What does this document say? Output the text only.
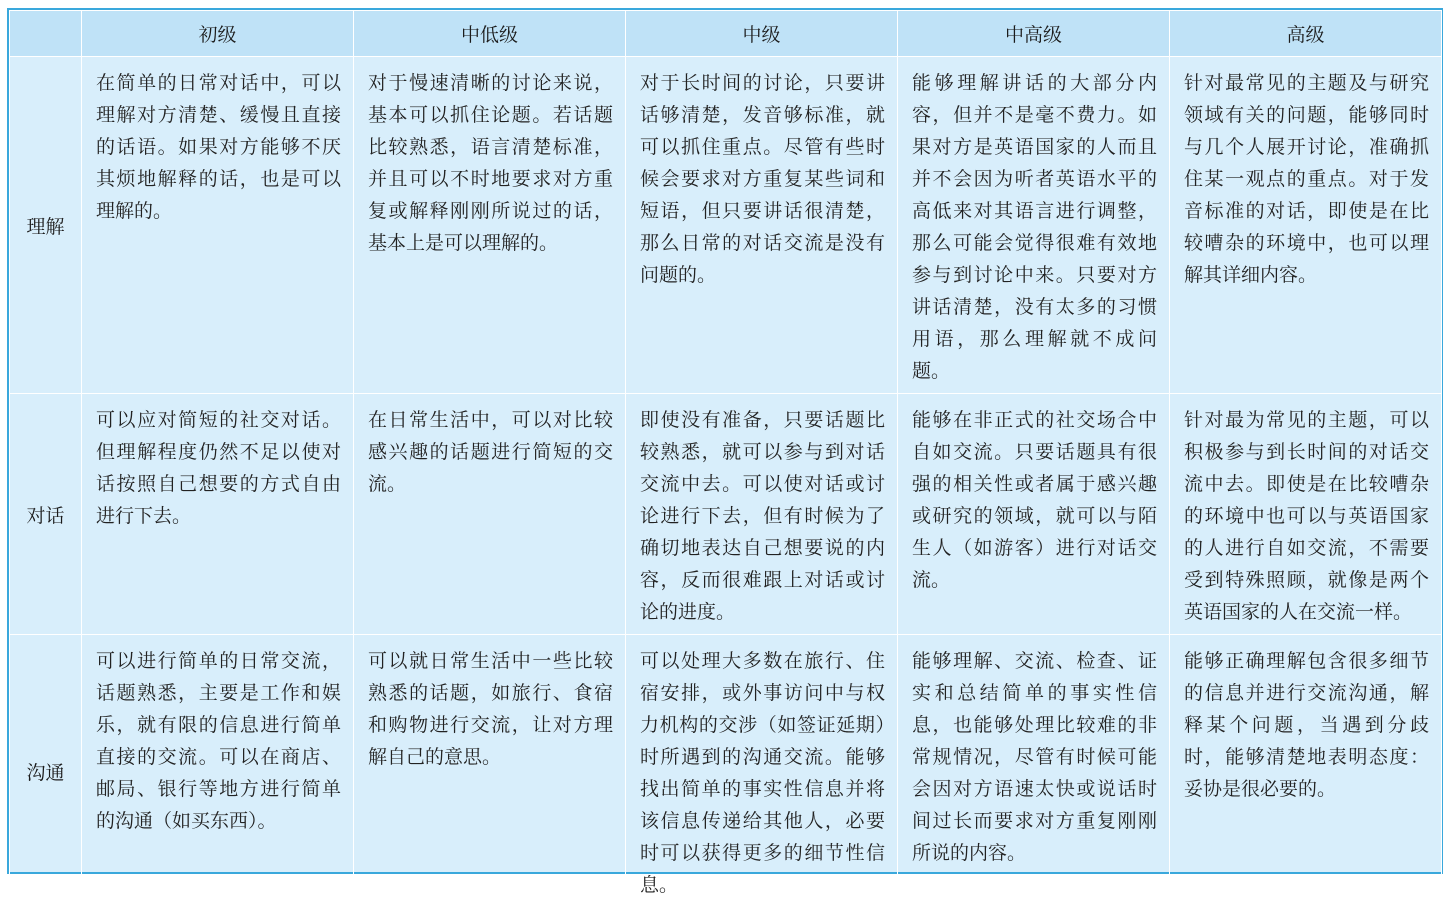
	初级	中低级	中级	中高级	高级
理解	在简单的日常对话中，可以理解对方清楚、缓慢且直接的话语。如果对方能够不厌其烦地解释的话，也是可以理解的。	对于慢速清晰的讨论来说，基本可以抓住论题。若话题比较熟悉，语言清楚标准，并且可以不时地要求对方重复或解释刚刚所说过的话，基本上是可以理解的。	对于长时间的讨论，只要讲话够清楚，发音够标准，就可以抓住重点。尽管有些时候会要求对方重复某些词和短语，但只要讲话很清楚，那么日常的对话交流是没有问题的。	能够理解讲话的大部分内容，但并不是毫不费力。如果对方是英语国家的人而且并不会因为听者英语水平的高低来对其语言进行调整，那么可能会觉得很难有效地参与到讨论中来。只要对方讲话清楚，没有太多的习惯用语，那么理解就不成问题。	针对最常见的主题及与研究领域有关的问题，能够同时与几个人展开讨论，准确抓住某一观点的重点。对于发音标准的对话，即使是在比较嘈杂的环境中，也可以理解其详细内容。
对话	可以应对简短的社交对话。但理解程度仍然不足以使对话按照自己想要的方式自由进行下去。	在日常生活中，可以对比较感兴趣的话题进行简短的交流。	即使没有准备，只要话题比较熟悉，就可以参与到对话交流中去。可以使对话或讨论进行下去，但有时候为了确切地表达自己想要说的内容，反而很难跟上对话或讨论的进度。	能够在非正式的社交场合中自如交流。只要话题具有很强的相关性或者属于感兴趣或研究的领域，就可以与陌生人（如游客）进行对话交流。	针对最为常见的主题，可以积极参与到长时间的对话交流中去。即使是在比较嘈杂的环境中也可以与英语国家的人进行自如交流，不需要受到特殊照顾，就像是两个英语国家的人在交流一样。
沟通	可以进行简单的日常交流，话题熟悉，主要是工作和娱乐，就有限的信息进行简单直接的交流。可以在商店、邮局、银行等地方进行简单的沟通（如买东西）。	可以就日常生活中一些比较熟悉的话题，如旅行、食宿和购物进行交流，让对方理解自己的意思。	可以处理大多数在旅行、住宿安排，或外事访问中与权力机构的交涉（如签证延期）时所遇到的沟通交流。能够找出简单的事实性信息并将该信息传递给其他人，必要时可以获得更多的细节性信息。	能够理解、交流、检查、证实和总结简单的事实性信息，也能够处理比较难的非常规情况，尽管有时候可能会因对方语速太快或说话时间过长而要求对方重复刚刚所说的内容。	能够正确理解包含很多细节的信息并进行交流沟通，解释某个问题，当遇到分歧时，能够清楚地表明态度：妥协是很必要的。
